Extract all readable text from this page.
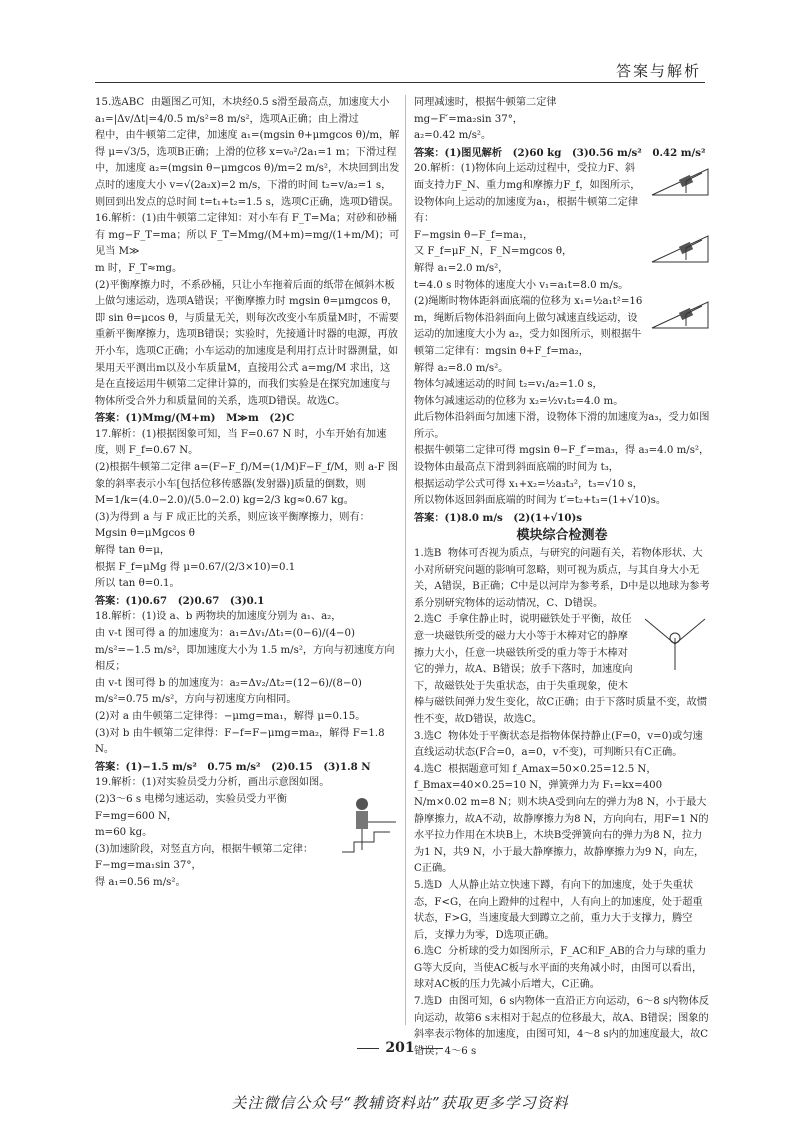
答案与解析

15.选ABC  由题图乙可知，木块经0.5 s滑至最高点，加速度大小 a₁=|Δv/Δt|=4/0.5 m/s²=8 m/s²，选项A正确；由上滑过

程中，由牛顿第二定律，加速度 a₁=(mgsin θ+μmgcos θ)/m，解得 μ=√3/5，选项B正确；上滑的位移 x=v₀²/2a₁=1 m；下滑过程

中，加速度 a₂=(mgsin θ−μmgcos θ)/m=2 m/s²，木块回到出发点时的速度大小 v=√(2a₂x)=2 m/s，下滑的时间 t₂=v/a₂=1 s，则回到出发点的总时间 t=t₁+t₂=1.5 s，选项C正确，选项D错误。

16.解析：(1)由牛顿第二定律知：对小车有 F_T=Ma；对砂和砂桶有 mg−F_T=ma；所以 F_T=Mmg/(M+m)=mg/(1+m/M)；可见当 M≫

m 时，F_T≈mg。

(2)平衡摩擦力时，不系砂桶，只让小车拖着后面的纸带在倾斜木板上做匀速运动，选项A错误；平衡摩擦力时 mgsin θ=μmgcos θ，即 sin θ=μcos θ，与质量无关，则每次改变小车质量M时，不需要重新平衡摩擦力，选项B错误；实验时，先接通计时器的电源，再放开小车，选项C正确；小车运动的加速度是利用打点计时器测量，如果用天平测出m以及小车质量M，直接用公式 a=mg/M 求出，这是在直接运用牛顿第二定律计算的，而我们实验是在探究加速度与物体所受合外力和质量间的关系，选项D错误。故选C。

答案：(1)Mmg/(M+m)   M≫m   (2)C

17.解析：(1)根据图象可知，当 F=0.67 N 时，小车开始有加速度，则 F_f=0.67 N。

(2)根据牛顿第二定律 a=(F−F_f)/M=(1/M)F−F_f/M，则 a-F 图象的斜率表示小车[包括位移传感器(发射器)]质量的倒数，则 M=1/k=(4.0−2.0)/(5.0−2.0) kg=2/3 kg≈0.67 kg。

(3)为得到 a 与 F 成正比的关系，则应该平衡摩擦力，则有：Mgsin θ=μMgcos θ

解得 tan θ=μ，

根据 F_f=μMg 得 μ=0.67/(2/3×10)=0.1

所以 tan θ=0.1。

答案：(1)0.67   (2)0.67   (3)0.1

18.解析：(1)设 a、b 两物块的加速度分别为 a₁、a₂，

由 v-t 图可得 a 的加速度为：a₁=Δv₁/Δt₁=(0−6)/(4−0) m/s²=−1.5 m/s²，即加速度大小为 1.5 m/s²，方向与初速度方向相反；

由 v-t 图可得 b 的加速度为：a₂=Δv₂/Δt₂=(12−6)/(8−0) m/s²=0.75 m/s²，方向与初速度方向相同。

(2)对 a 由牛顿第二定律得：−μmg=ma₁，解得 μ=0.15。

(3)对 b 由牛顿第二定律得：F−f=F−μmg=ma₂，解得 F=1.8 N。

答案：(1)−1.5 m/s²   0.75 m/s²   (2)0.15   (3)1.8 N

19.解析：(1)对实验员受力分析，画出示意图如图。

(2)3～6 s 电梯匀速运动，实验员受力平衡

F=mg=600 N，

m=60 kg。

(3)加速阶段，对竖直方向，根据牛顿第二定律：F−mg=ma₁sin 37°，

得 a₁=0.56 m/s²。

同理减速时，根据牛顿第二定律

mg−F′=ma₂sin 37°，

a₂=0.42 m/s²。

答案：(1)图见解析   (2)60 kg   (3)0.56 m/s²   0.42 m/s²

20.解析：(1)物体向上运动过程中，受拉力F、斜面支持力F_N、重力mg和摩擦力F_f，如图所示，设物体向上运动的加速度为a₁，根据牛顿第二定律有：

F−mgsin θ−F_f=ma₁，

又 F_f=μF_N，F_N=mgcos θ，

解得 a₁=2.0 m/s²，

t=4.0 s 时物体的速度大小 v₁=a₁t=8.0 m/s。

(2)绳断时物体距斜面底端的位移为 x₁=½a₁t²=16 m，绳断后物体沿斜面向上做匀减速直线运动，设运动的加速度大小为 a₂，受力如图所示，则根据牛顿第二定律有：mgsin θ+F_f=ma₂，

解得 a₂=8.0 m/s²。

物体匀减速运动的时间 t₂=v₁/a₂=1.0 s，

物体匀减速运动的位移为 x₂=½v₁t₂=4.0 m。

此后物体沿斜面匀加速下滑，设物体下滑的加速度为a₃，受力如图所示。

根据牛顿第二定律可得 mgsin θ−F_f′=ma₃，得 a₃=4.0 m/s²，

设物体由最高点下滑到斜面底端的时间为 t₃，

根据运动学公式可得 x₁+x₂=½a₃t₃²，t₃=√10 s，

所以物体返回斜面底端的时间为 t′=t₂+t₃=(1+√10)s。

答案：(1)8.0 m/s   (2)(1+√10)s

模块综合检测卷

1.选B  物体可否视为质点，与研究的问题有关，若物体形状、大小对所研究问题的影响可忽略，则可视为质点，与其自身大小无关，A错误，B正确；C中是以河岸为参考系，D中是以地球为参考系分别研究物体的运动情况，C、D错误。

2.选C  手拿住静止时，说明磁铁处于平衡，故任意一块磁铁所受的磁力大小等于木棒对它的静摩擦力大小，任意一块磁铁所受的重力等于木棒对它的弹力，故A、B错误；放手下落时，加速度向下，故磁铁处于失重状态，由于失重现象，使木棒与磁铁间弹力发生变化，故C正确；由于下落时质量不变，故惯性不变，故D错误，故选C。

3.选C  物体处于平衡状态是指物体保持静止(F=0，v=0)或匀速直线运动状态(F合=0，a=0，v不变)，可判断只有C正确。

4.选C  根据题意可知 f_Amax=50×0.25=12.5 N，f_Bmax=40×0.25=10 N，弹簧弹力为 F₁=kx=400 N/m×0.02 m=8 N；则木块A受到向左的弹力为8 N，小于最大静摩擦力，故A不动，故静摩擦力为8 N，方向向右，用F=1 N的水平拉力作用在木块B上，木块B受弹簧向右的弹力为8 N，拉力为1 N，共9 N，小于最大静摩擦力，故静摩擦力为9 N，向左，C正确。

5.选D  人从静止站立快速下蹲，有向下的加速度，处于失重状态，F<G，在向上蹬伸的过程中，人有向上的加速度，处于超重状态，F>G，当速度最大到蹲立之前，重力大于支撑力，腾空后，支撑力为零，D选项正确。

6.选C  分析球的受力如图所示，F_AC和F_AB的合力与球的重力G等大反向，当使AC板与水平面的夹角减小时，由图可以看出，球对AC板的压力先减小后增大，C正确。

7.选D  由图可知，6 s内物体一直沿正方向运动，6～8 s内物体反向运动，故第6 s末相对于起点的位移最大，故A、B错误；图象的斜率表示物体的加速度，由图可知，4～8 s内的加速度最大，故C错误；4～6 s

201
关注微信公众号“教辅资料站”获取更多学习资料
